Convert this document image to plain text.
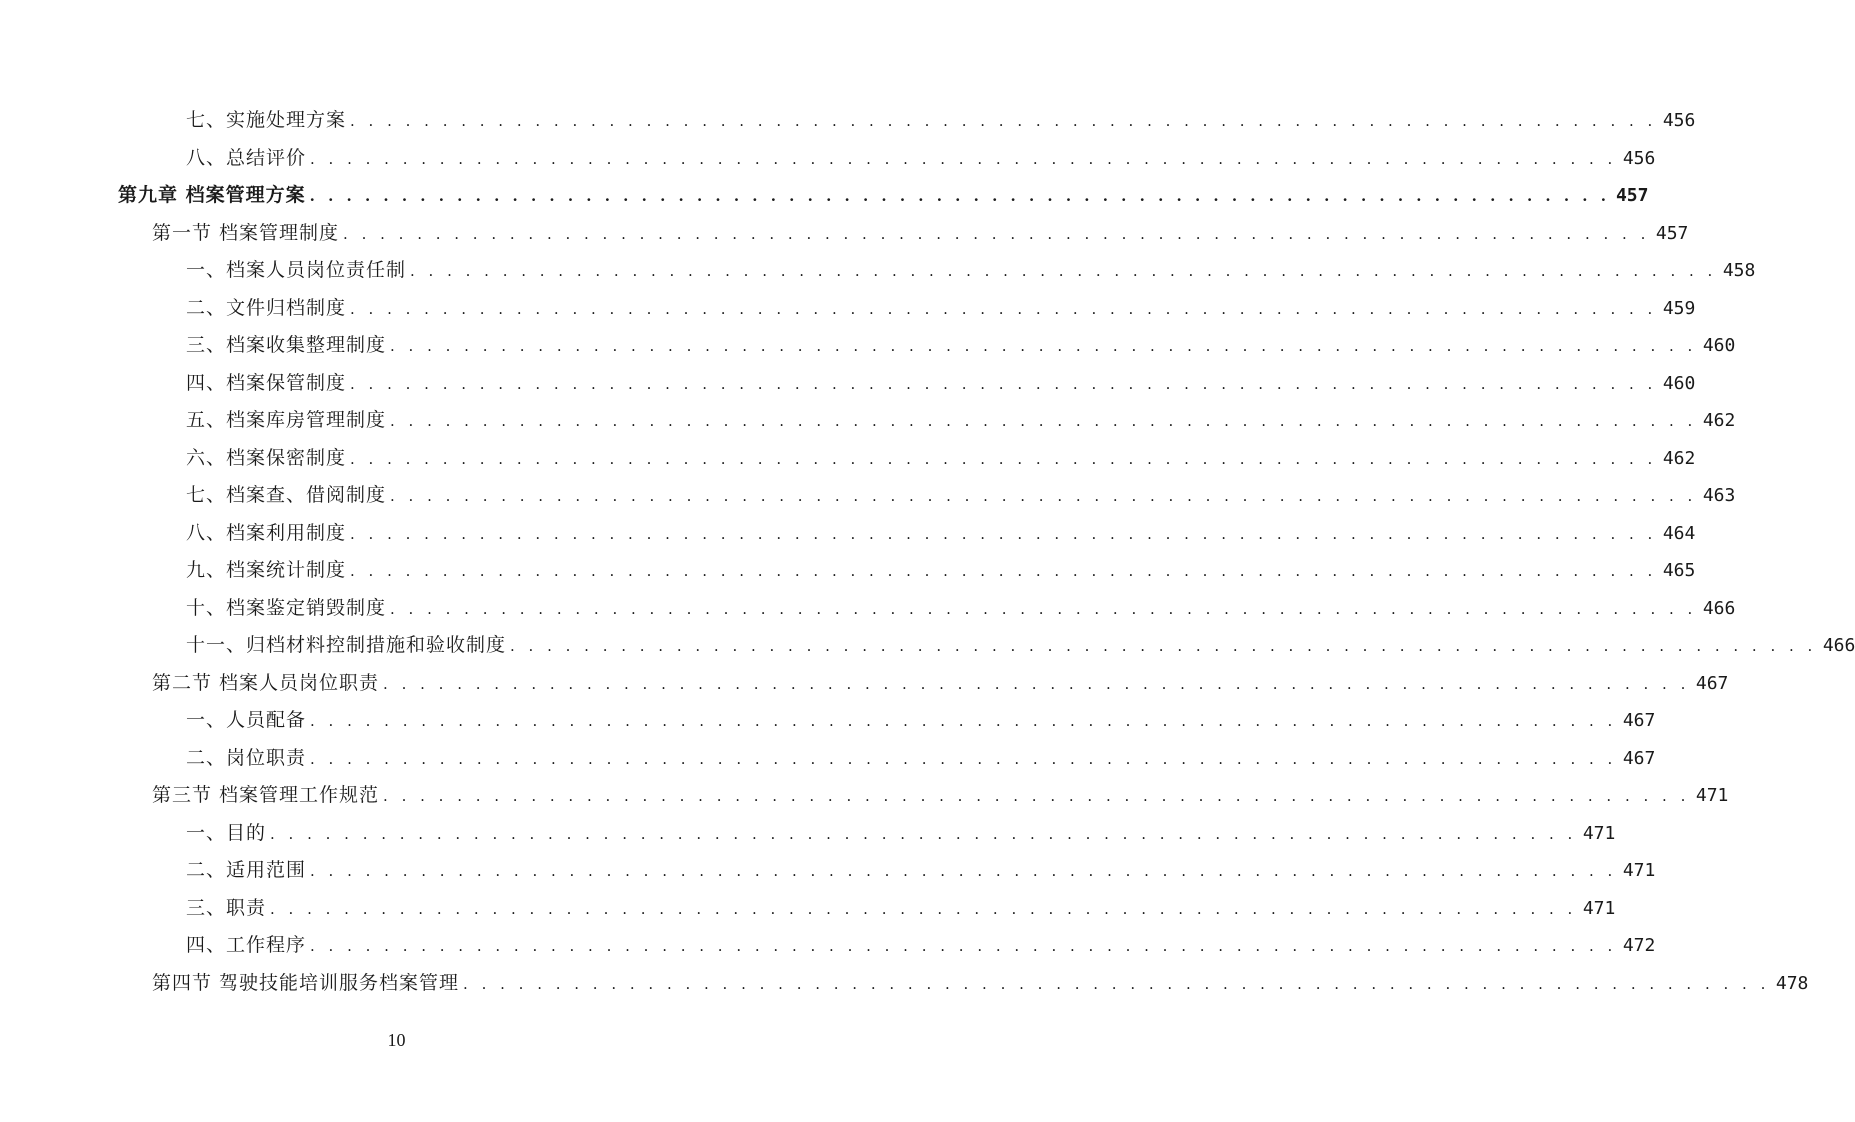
七、实施处理方案 . . . . . . . . . . . . . . . . . . . . . . . . . . . . . . . . . . . . . . . . . . . . . . . . . . . . . . . . . . . . . . . . . . . . . . . 456
八、总结评价 . . . . . . . . . . . . . . . . . . . . . . . . . . . . . . . . . . . . . . . . . . . . . . . . . . . . . . . . . . . . . . . . . . . . . . . 456
第九章 档案管理方案 . . . . . . . . . . . . . . . . . . . . . . . . . . . . . . . . . . . . . . . . . . . . . . . . . . . . . . . . . . . . . . . . . . . . . . . 457
第一节 档案管理制度 . . . . . . . . . . . . . . . . . . . . . . . . . . . . . . . . . . . . . . . . . . . . . . . . . . . . . . . . . . . . . . . . . . . . . . . 457
一、档案人员岗位责任制 . . . . . . . . . . . . . . . . . . . . . . . . . . . . . . . . . . . . . . . . . . . . . . . . . . . . . . . . . . . . . . . . . . . . . . . 458
二、文件归档制度 . . . . . . . . . . . . . . . . . . . . . . . . . . . . . . . . . . . . . . . . . . . . . . . . . . . . . . . . . . . . . . . . . . . . . . . 459
三、档案收集整理制度 . . . . . . . . . . . . . . . . . . . . . . . . . . . . . . . . . . . . . . . . . . . . . . . . . . . . . . . . . . . . . . . . . . . . . . . 460
四、档案保管制度 . . . . . . . . . . . . . . . . . . . . . . . . . . . . . . . . . . . . . . . . . . . . . . . . . . . . . . . . . . . . . . . . . . . . . . . 460
五、档案库房管理制度 . . . . . . . . . . . . . . . . . . . . . . . . . . . . . . . . . . . . . . . . . . . . . . . . . . . . . . . . . . . . . . . . . . . . . . . 462
六、档案保密制度 . . . . . . . . . . . . . . . . . . . . . . . . . . . . . . . . . . . . . . . . . . . . . . . . . . . . . . . . . . . . . . . . . . . . . . . 462
七、档案查、借阅制度 . . . . . . . . . . . . . . . . . . . . . . . . . . . . . . . . . . . . . . . . . . . . . . . . . . . . . . . . . . . . . . . . . . . . . . . 463
八、档案利用制度 . . . . . . . . . . . . . . . . . . . . . . . . . . . . . . . . . . . . . . . . . . . . . . . . . . . . . . . . . . . . . . . . . . . . . . . 464
九、档案统计制度 . . . . . . . . . . . . . . . . . . . . . . . . . . . . . . . . . . . . . . . . . . . . . . . . . . . . . . . . . . . . . . . . . . . . . . . 465
十、档案鉴定销毁制度 . . . . . . . . . . . . . . . . . . . . . . . . . . . . . . . . . . . . . . . . . . . . . . . . . . . . . . . . . . . . . . . . . . . . . . . 466
十一、归档材料控制措施和验收制度 . . . . . . . . . . . . . . . . . . . . . . . . . . . . . . . . . . . . . . . . . . . . . . . . . . . . . . . . . . . . . . . . . . . . . . . 466
第二节 档案人员岗位职责 . . . . . . . . . . . . . . . . . . . . . . . . . . . . . . . . . . . . . . . . . . . . . . . . . . . . . . . . . . . . . . . . . . . . . . . 467
一、人员配备 . . . . . . . . . . . . . . . . . . . . . . . . . . . . . . . . . . . . . . . . . . . . . . . . . . . . . . . . . . . . . . . . . . . . . . . 467
二、岗位职责 . . . . . . . . . . . . . . . . . . . . . . . . . . . . . . . . . . . . . . . . . . . . . . . . . . . . . . . . . . . . . . . . . . . . . . . 467
第三节 档案管理工作规范 . . . . . . . . . . . . . . . . . . . . . . . . . . . . . . . . . . . . . . . . . . . . . . . . . . . . . . . . . . . . . . . . . . . . . . . 471
一、目的 . . . . . . . . . . . . . . . . . . . . . . . . . . . . . . . . . . . . . . . . . . . . . . . . . . . . . . . . . . . . . . . . . . . . . . . 471
二、适用范围 . . . . . . . . . . . . . . . . . . . . . . . . . . . . . . . . . . . . . . . . . . . . . . . . . . . . . . . . . . . . . . . . . . . . . . . 471
三、职责 . . . . . . . . . . . . . . . . . . . . . . . . . . . . . . . . . . . . . . . . . . . . . . . . . . . . . . . . . . . . . . . . . . . . . . . 471
四、工作程序 . . . . . . . . . . . . . . . . . . . . . . . . . . . . . . . . . . . . . . . . . . . . . . . . . . . . . . . . . . . . . . . . . . . . . . . 472
第四节 驾驶技能培训服务档案管理 . . . . . . . . . . . . . . . . . . . . . . . . . . . . . . . . . . . . . . . . . . . . . . . . . . . . . . . . . . . . . . . . . . . . . . . 478
10
